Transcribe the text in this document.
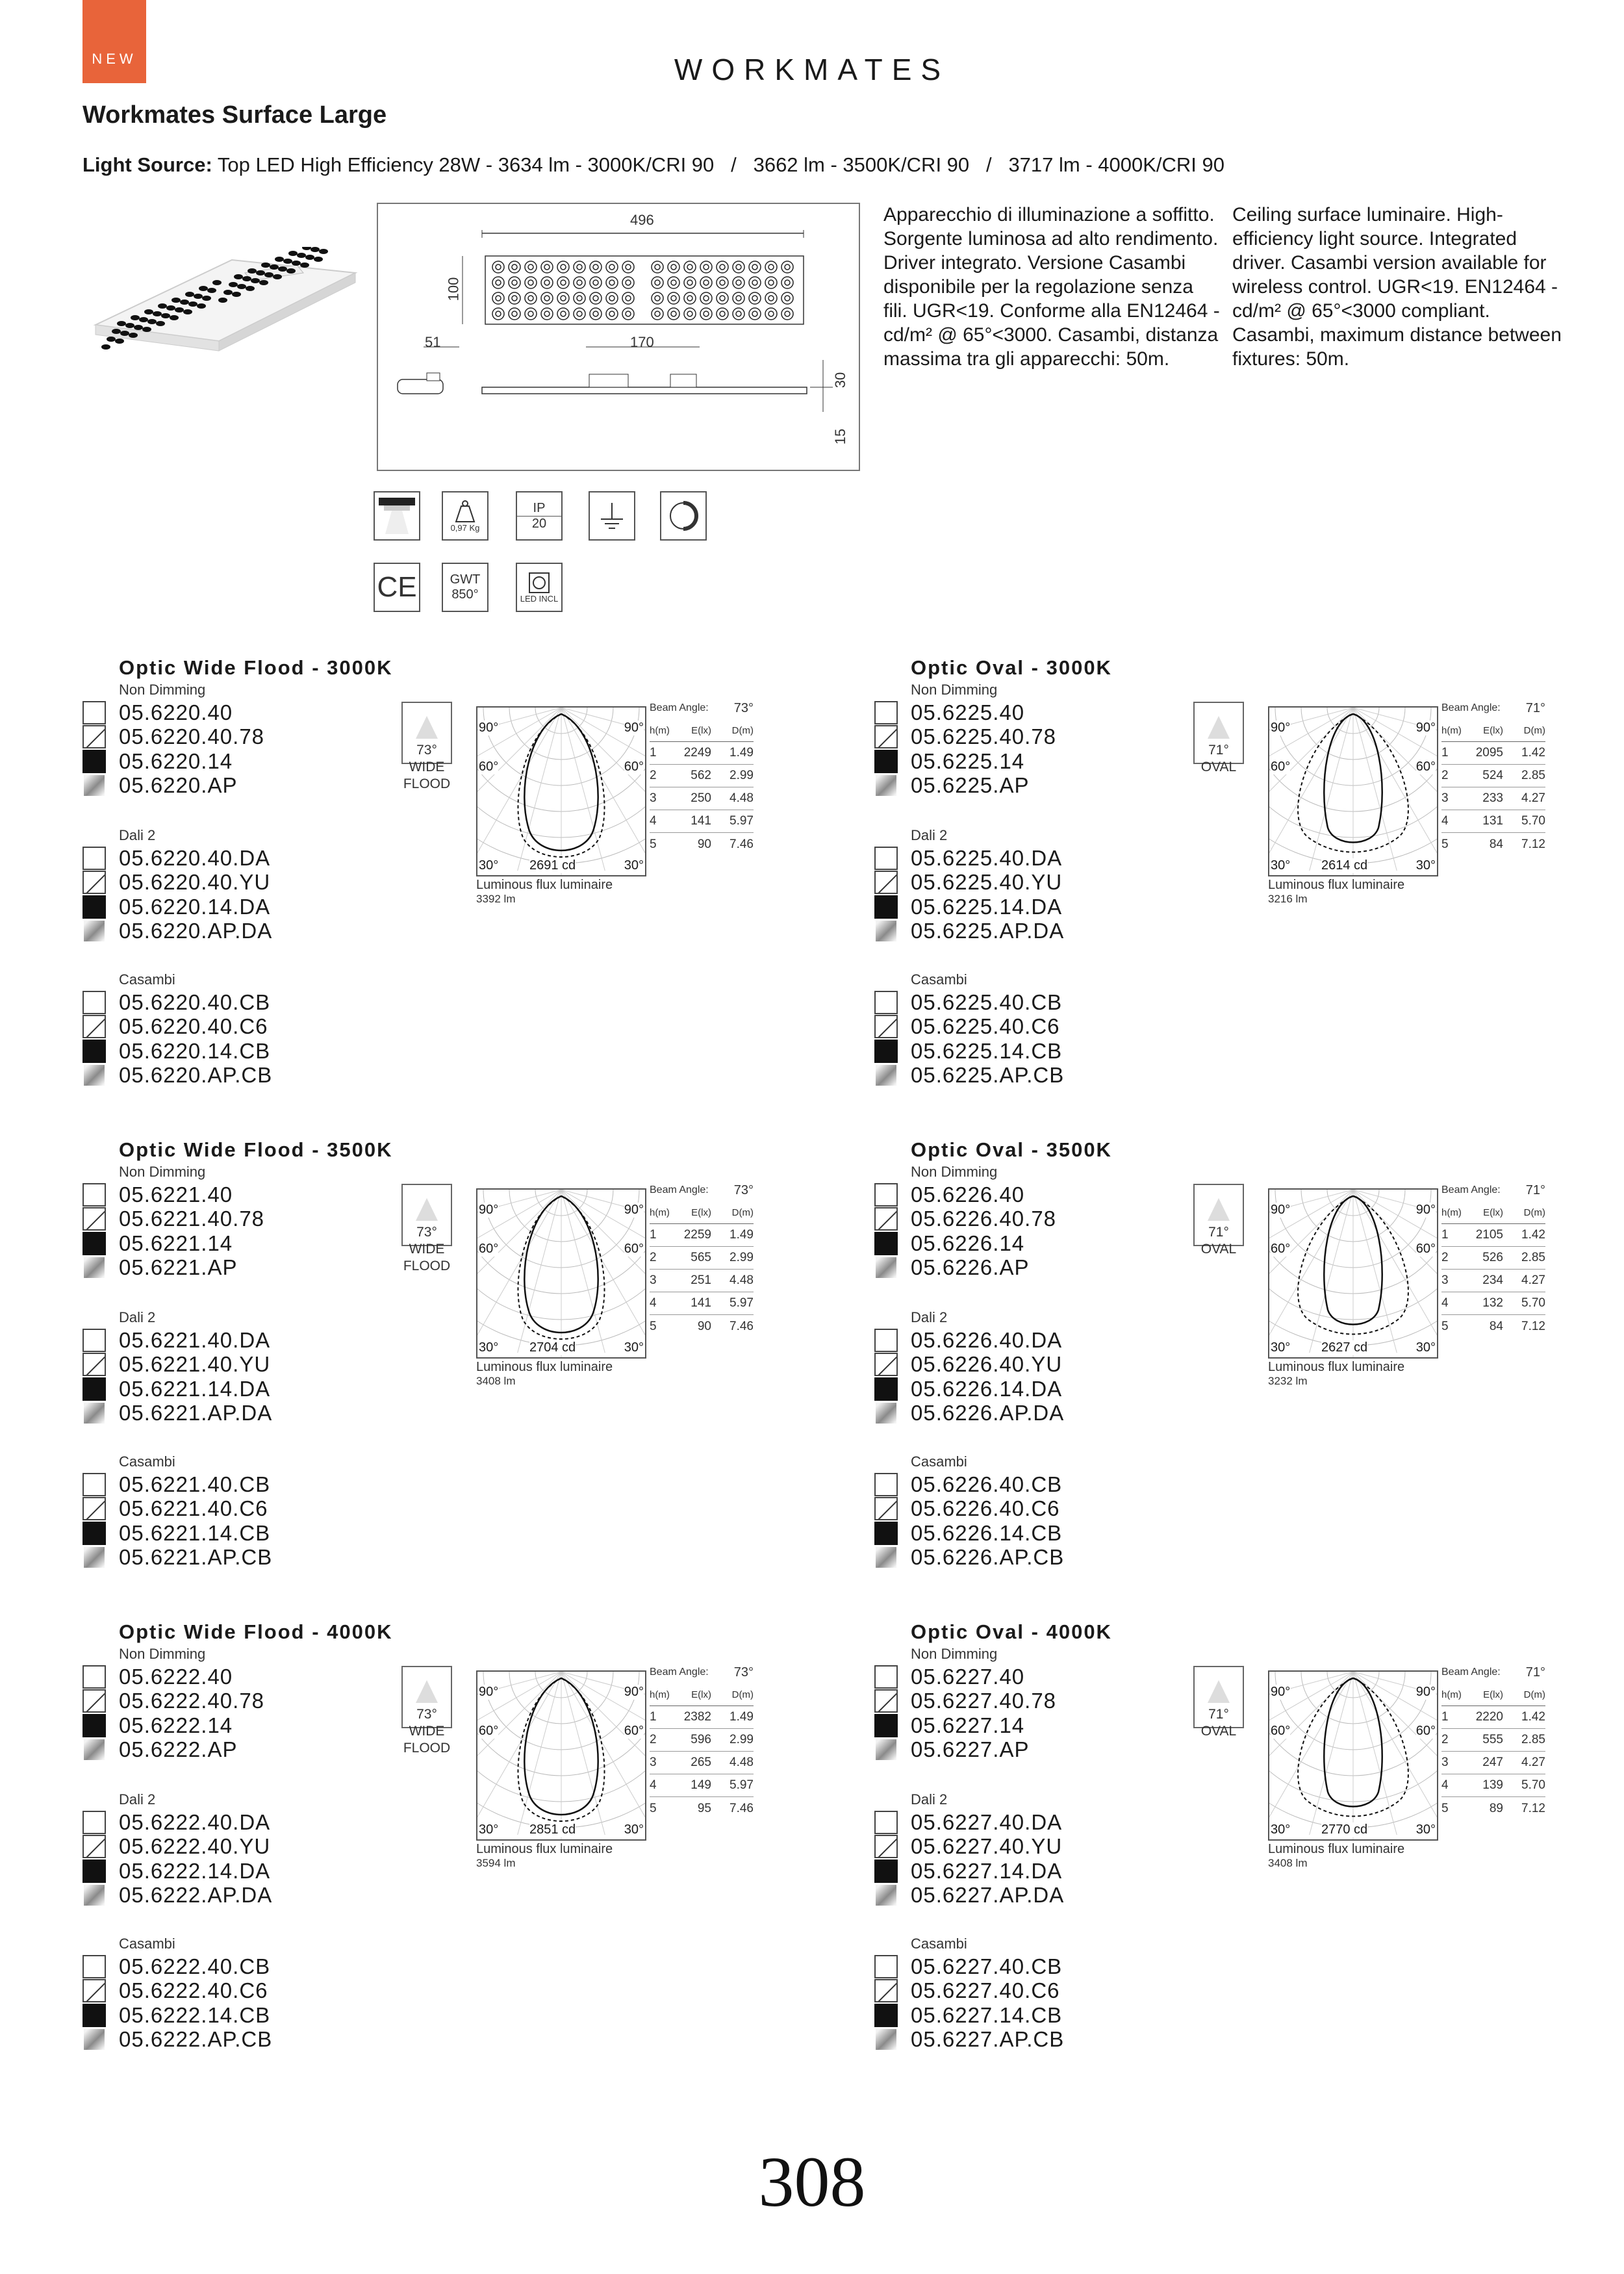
NEW	WORKMATES
Workmates Surface Large
Light Source: Top LED High Efficiency 28W - 3634 lm - 3000K/CRI 90   /   3662 lm - 3500K/CRI 90   /   3717 lm - 4000K/CRI 90
496
100
51	170
30
15
Apparecchio di illuminazione a soffitto. Sorgente luminosa ad alto rendimento. Driver integrato. Versione Casambi disponibile per la regolazione senza fili. UGR<19. Conforme alla EN12464 - cd/m² @ 65°<3000. Casambi, distanza massima tra gli apparecchi: 50m.
Ceiling surface luminaire. High-efficiency light source. Integrated driver. Casambi version available for wireless control. UGR<19. EN12464 - cd/m² @ 65°<3000 compliant. Casambi, maximum distance between fixtures: 50m.
0,97 Kg
IP
20
CE	GWT
850°	LED INCL
Optic Wide Flood - 3000K
Non Dimming
05.6220.40
05.6220.40.78
05.6220.14
05.6220.AP
Dali 2
05.6220.40.DA
05.6220.40.YU
05.6220.14.DA
05.6220.AP.DA
Casambi
05.6220.40.CB
05.6220.40.C6
05.6220.14.CB
05.6220.AP.CB
73°
WIDE
FLOOD
90°	90°
60°	60°
30°	30°
2691 cd
Luminous flux luminaire
3392 lm
Beam Angle: 73°
h(m)	E(lx)	D(m)
1	2249	1.49
2	562	2.99
3	250	4.48
4	141	5.97
5	90	7.46
Optic Oval - 3000K
Non Dimming
05.6225.40
05.6225.40.78
05.6225.14
05.6225.AP
Dali 2
05.6225.40.DA
05.6225.40.YU
05.6225.14.DA
05.6225.AP.DA
Casambi
05.6225.40.CB
05.6225.40.C6
05.6225.14.CB
05.6225.AP.CB
71°
OVAL
90°	90°
60°	60°
30°	30°
2614 cd
Luminous flux luminaire
3216 lm
Beam Angle: 71°
h(m)	E(lx)	D(m)
1	2095	1.42
2	524	2.85
3	233	4.27
4	131	5.70
5	84	7.12
Optic Wide Flood - 3500K
Non Dimming
05.6221.40
05.6221.40.78
05.6221.14
05.6221.AP
Dali 2
05.6221.40.DA
05.6221.40.YU
05.6221.14.DA
05.6221.AP.DA
Casambi
05.6221.40.CB
05.6221.40.C6
05.6221.14.CB
05.6221.AP.CB
73°
WIDE
FLOOD
90°	90°
60°	60°
30°	30°
2704 cd
Luminous flux luminaire
3408 lm
Beam Angle: 73°
h(m)	E(lx)	D(m)
1	2259	1.49
2	565	2.99
3	251	4.48
4	141	5.97
5	90	7.46
Optic Oval - 3500K
Non Dimming
05.6226.40
05.6226.40.78
05.6226.14
05.6226.AP
Dali 2
05.6226.40.DA
05.6226.40.YU
05.6226.14.DA
05.6226.AP.DA
Casambi
05.6226.40.CB
05.6226.40.C6
05.6226.14.CB
05.6226.AP.CB
71°
OVAL
90°	90°
60°	60°
30°	30°
2627 cd
Luminous flux luminaire
3232 lm
Beam Angle: 71°
h(m)	E(lx)	D(m)
1	2105	1.42
2	526	2.85
3	234	4.27
4	132	5.70
5	84	7.12
Optic Wide Flood - 4000K
Non Dimming
05.6222.40
05.6222.40.78
05.6222.14
05.6222.AP
Dali 2
05.6222.40.DA
05.6222.40.YU
05.6222.14.DA
05.6222.AP.DA
Casambi
05.6222.40.CB
05.6222.40.C6
05.6222.14.CB
05.6222.AP.CB
73°
WIDE
FLOOD
90°	90°
60°	60°
30°	30°
2851 cd
Luminous flux luminaire
3594 lm
Beam Angle: 73°
h(m)	E(lx)	D(m)
1	2382	1.49
2	596	2.99
3	265	4.48
4	149	5.97
5	95	7.46
Optic Oval - 4000K
Non Dimming
05.6227.40
05.6227.40.78
05.6227.14
05.6227.AP
Dali 2
05.6227.40.DA
05.6227.40.YU
05.6227.14.DA
05.6227.AP.DA
Casambi
05.6227.40.CB
05.6227.40.C6
05.6227.14.CB
05.6227.AP.CB
71°
OVAL
90°	90°
60°	60°
30°	30°
2770 cd
Luminous flux luminaire
3408 lm
Beam Angle: 71°
h(m)	E(lx)	D(m)
1	2220	1.42
2	555	2.85
3	247	4.27
4	139	5.70
5	89	7.12
308
